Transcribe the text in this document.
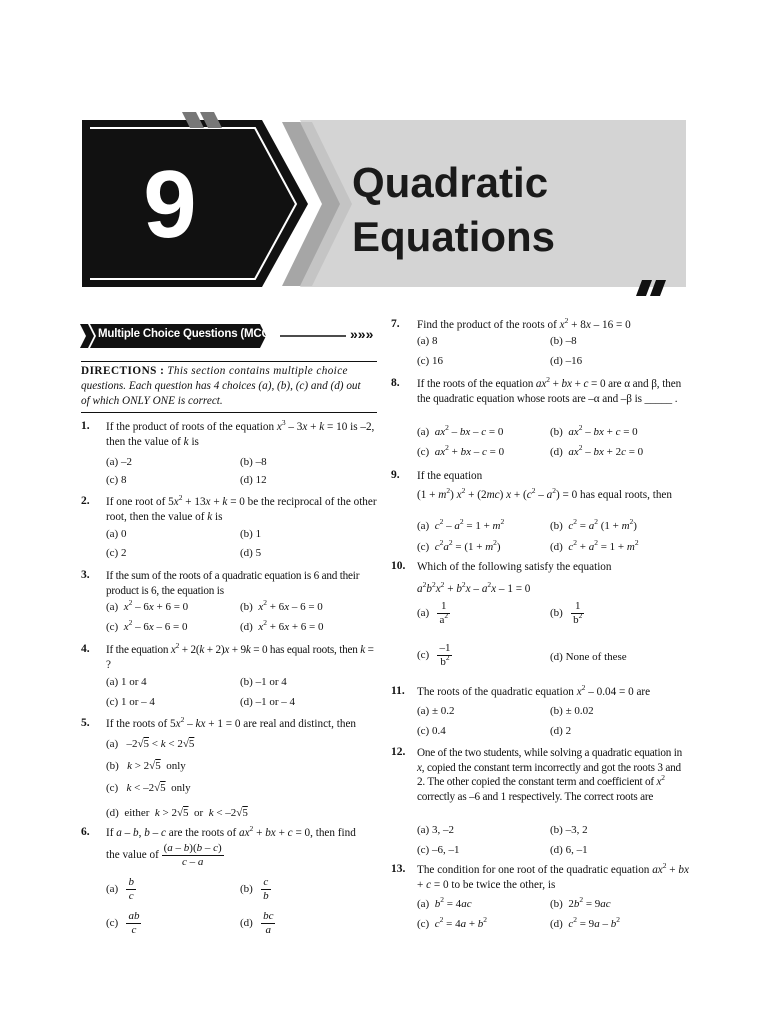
9	Quadratic
Equations
Multiple Choice Questions (MCQs)	»»»
DIRECTIONS : This section contains multiple choice
questions. Each question has 4 choices (a), (b), (c) and (d) out
of which ONLY ONE is correct.
1. If the product of roots of the equation $x^3 - 3x + k = 10$ is –2, then the value of k is
(a) –2	(b) –8
(c) 8	(d) 12
2. If one root of $5x^2 + 13x + k = 0$ be the reciprocal of the other root, then the value of k is
(a) 0	(b) 1
(c) 2	(d) 5
3. If the sum of the roots of a quadratic equation is 6 and their product is 6, the equation is
(a)  $x^2 - 6x + 6 = 0$	(b)  $x^2 + 6x - 6 = 0$
(c)  $x^2 - 6x - 6 = 0$	(d)  $x^2 + 6x + 6 = 0$
4. If the equation $x^2 + 2(k + 2)x + 9k = 0$ has equal roots, then k = ?
(a) 1 or 4	(b) –1 or 4
(c) 1 or – 4	(d) –1 or – 4
5. If the roots of $5x^2$ – kx + 1 = 0 are real and distinct, then
(a)   –2√5 < k < 2√5
(b)   k > 2√5  only
(c)   k < –2√5  only
(d)  either  k > 2√5  or  k < –2√5
6. If a – b, b – c are the roots of $ax^2$ + bx + c = 0, then find
the value of $\frac{(a - b)(b - c)}{c - a}$
$(a) \frac{b}{c}$	$(b) \frac{c}{b}$
$(c) \frac{ab}{c}$	$(d) \frac{bc}{a}$
7. Find the product of the roots of $x^2 + 8x - 16 = 0$
(a) 8	(b) –8
(c) 16	(d) –16
8. If the roots of the equation $ax^2$ + bx + c = 0 are α and β, then the quadratic equation whose roots are –α and –β is _____ .
(a)  $ax^2$ – bx – c = 0	(b)  $ax^2$ – bx + c = 0
(c)  $ax^2$ + bx – c = 0	(d)  $ax^2$ – bx + 2c = 0
9. If the equation
$(1 + m^2)$ $x^2 + (2mc) x + (c^2 - a^2) = 0$ has equal roots, then
(a)  $c^2 - a^2 = 1 + m^2$	(b)  $c^2 = a^2$ $(1 + m^2)$
(c)  $c^2a^2 = (1 + m^2)$	(d)  $c^2 + a^2 = 1 + m^2$
10. Which of the following satisfy the equation
$a^2b^2x^2 + b^2x - a^2x - 1 = 0$
$(a) \frac{1}{a^2}$	$(b) \frac{1}{b^2}$
$(c) \frac{-1}{b^2}$	(d) None of these
11. The roots of the quadratic equation $x^2 - 0.04 = 0$ are
(a) ± 0.2	(b) ± 0.02
(c) 0.4	(d) 2
12. One of the two students, while solving a quadratic equation in x, copied the constant term incorrectly and got the roots 3 and 2. The other copied the constant term and coefficient of $x^2$ correctly as –6 and 1 respectively. The correct roots are
(a) 3, –2	(b) –3, 2
(c) –6, –1	(d) 6, –1
13. The condition for one root of the quadratic equation $ax^2$ + bx + c = 0 to be twice the other, is
(a)  $b^2 = 4ac$	(b)  $2b^2 = 9ac$
(c)  $c^2 = 4a + b^2$	(d)  $c^2 = 9a - b^2$
